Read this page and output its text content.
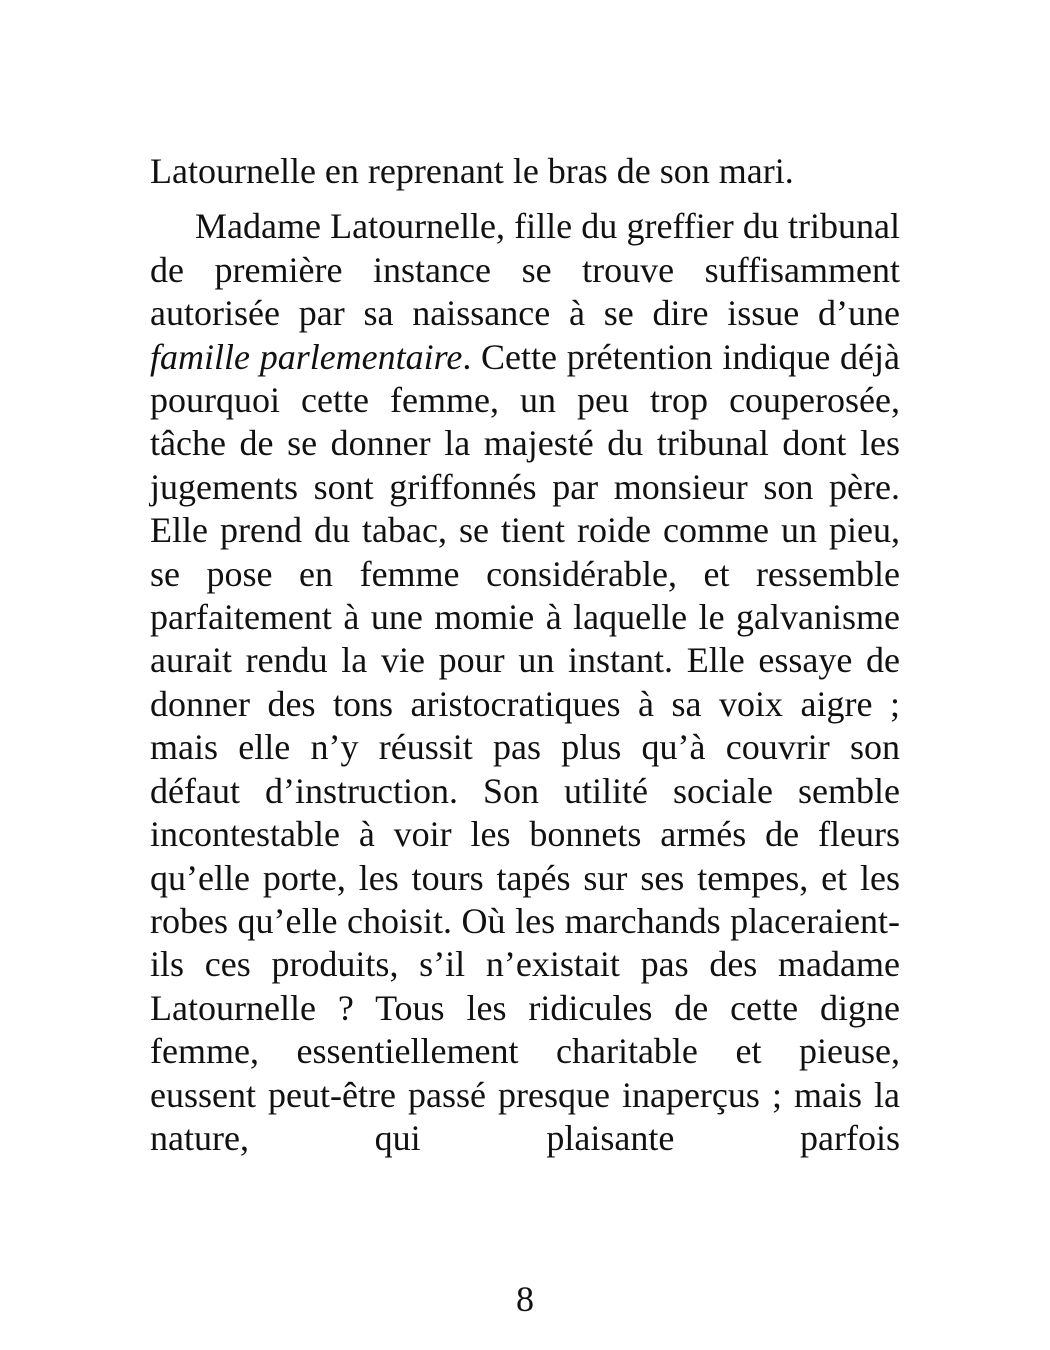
Latournelle en reprenant le bras de son mari.

Madame Latournelle, fille du greffier du tribunal de première instance se trouve suffisamment autorisée par sa naissance à se dire issue d’une famille parlementaire. Cette prétention indique déjà pourquoi cette femme, un peu trop couperosée, tâche de se donner la majesté du tribunal dont les jugements sont griffonnés par monsieur son père. Elle prend du tabac, se tient roide comme un pieu, se pose en femme considérable, et ressemble parfaitement à une momie à laquelle le galvanisme aurait rendu la vie pour un instant. Elle essaye de donner des tons aristocratiques à sa voix aigre ; mais elle n’y réussit pas plus qu’à couvrir son défaut d’instruction. Son utilité sociale semble incontestable à voir les bonnets armés de fleurs qu’elle porte, les tours tapés sur ses tempes, et les robes qu’elle choisit. Où les marchands placeraient-ils ces produits, s’il n’existait pas des madame Latournelle ? Tous les ridicules de cette digne femme, essentiellement charitable et pieuse, eussent peut-être passé presque inaperçus ; mais la nature, qui plaisante parfois

8
